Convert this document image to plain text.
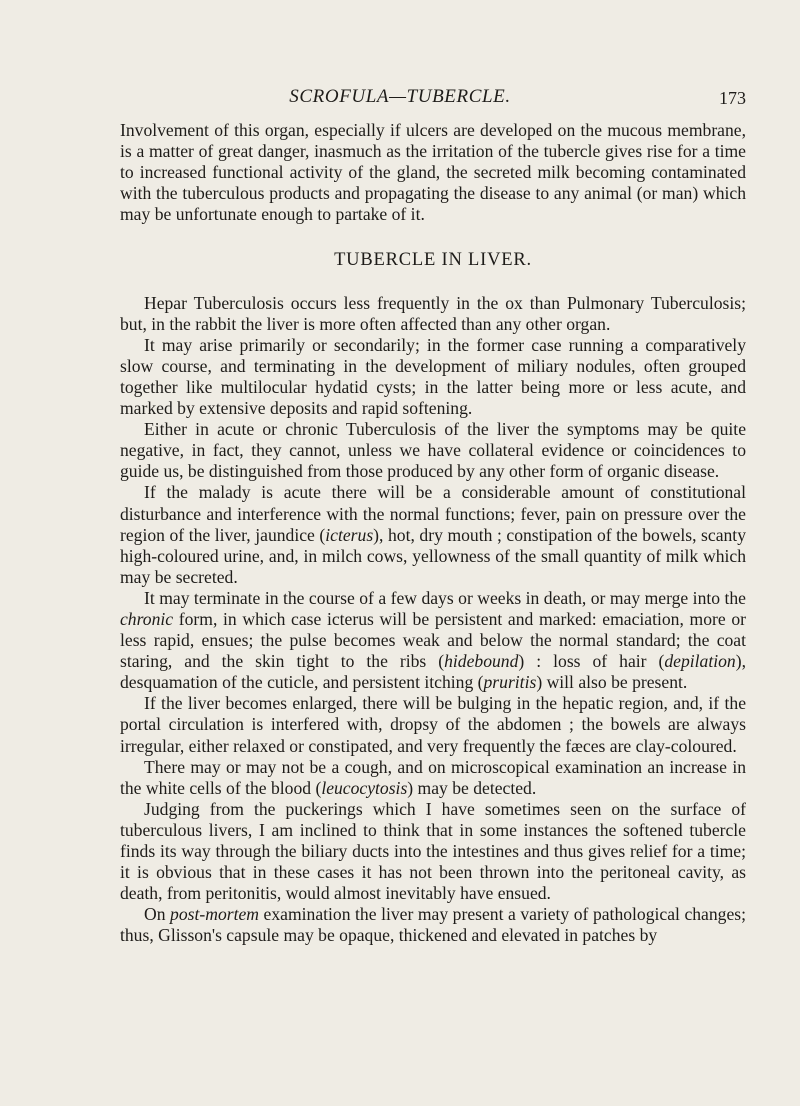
SCROFULA—TUBERCLE.	173

Involvement of this organ, especially if ulcers are developed on the mucous membrane, is a matter of great danger, inasmuch as the irritation of the tubercle gives rise for a time to increased functional activity of the gland, the secreted milk becoming contaminated with the tuberculous products and propagating the disease to any animal (or man) which may be unfortunate enough to partake of it.

TUBERCLE IN LIVER.

Hepar Tuberculosis occurs less frequently in the ox than Pulmonary Tuberculosis; but, in the rabbit the liver is more often affected than any other organ.

It may arise primarily or secondarily; in the former case running a comparatively slow course, and terminating in the development of miliary nodules, often grouped together like multilocular hydatid cysts; in the latter being more or less acute, and marked by extensive deposits and rapid softening.

Either in acute or chronic Tuberculosis of the liver the symptoms may be quite negative, in fact, they cannot, unless we have collateral evidence or coincidences to guide us, be distinguished from those produced by any other form of organic disease.

If the malady is acute there will be a considerable amount of constitutional disturbance and interference with the normal functions; fever, pain on pressure over the region of the liver, jaundice (icterus), hot, dry mouth ; constipation of the bowels, scanty high-coloured urine, and, in milch cows, yellowness of the small quantity of milk which may be secreted.

It may terminate in the course of a few days or weeks in death, or may merge into the chronic form, in which case icterus will be persistent and marked: emaciation, more or less rapid, ensues; the pulse becomes weak and below the normal standard; the coat staring, and the skin tight to the ribs (hidebound) : loss of hair (depilation), desquamation of the cuticle, and persistent itching (pruritis) will also be present.

If the liver becomes enlarged, there will be bulging in the hepatic region, and, if the portal circulation is interfered with, dropsy of the abdomen ; the bowels are always irregular, either relaxed or constipated, and very frequently the fæces are clay-coloured.

There may or may not be a cough, and on microscopical examination an increase in the white cells of the blood (leucocytosis) may be detected.

Judging from the puckerings which I have sometimes seen on the surface of tuberculous livers, I am inclined to think that in some instances the softened tubercle finds its way through the biliary ducts into the intestines and thus gives relief for a time; it is obvious that in these cases it has not been thrown into the peritoneal cavity, as death, from peritonitis, would almost inevitably have ensued.

On post-mortem examination the liver may present a variety of pathological changes; thus, Glisson's capsule may be opaque, thickened and elevated in patches by
